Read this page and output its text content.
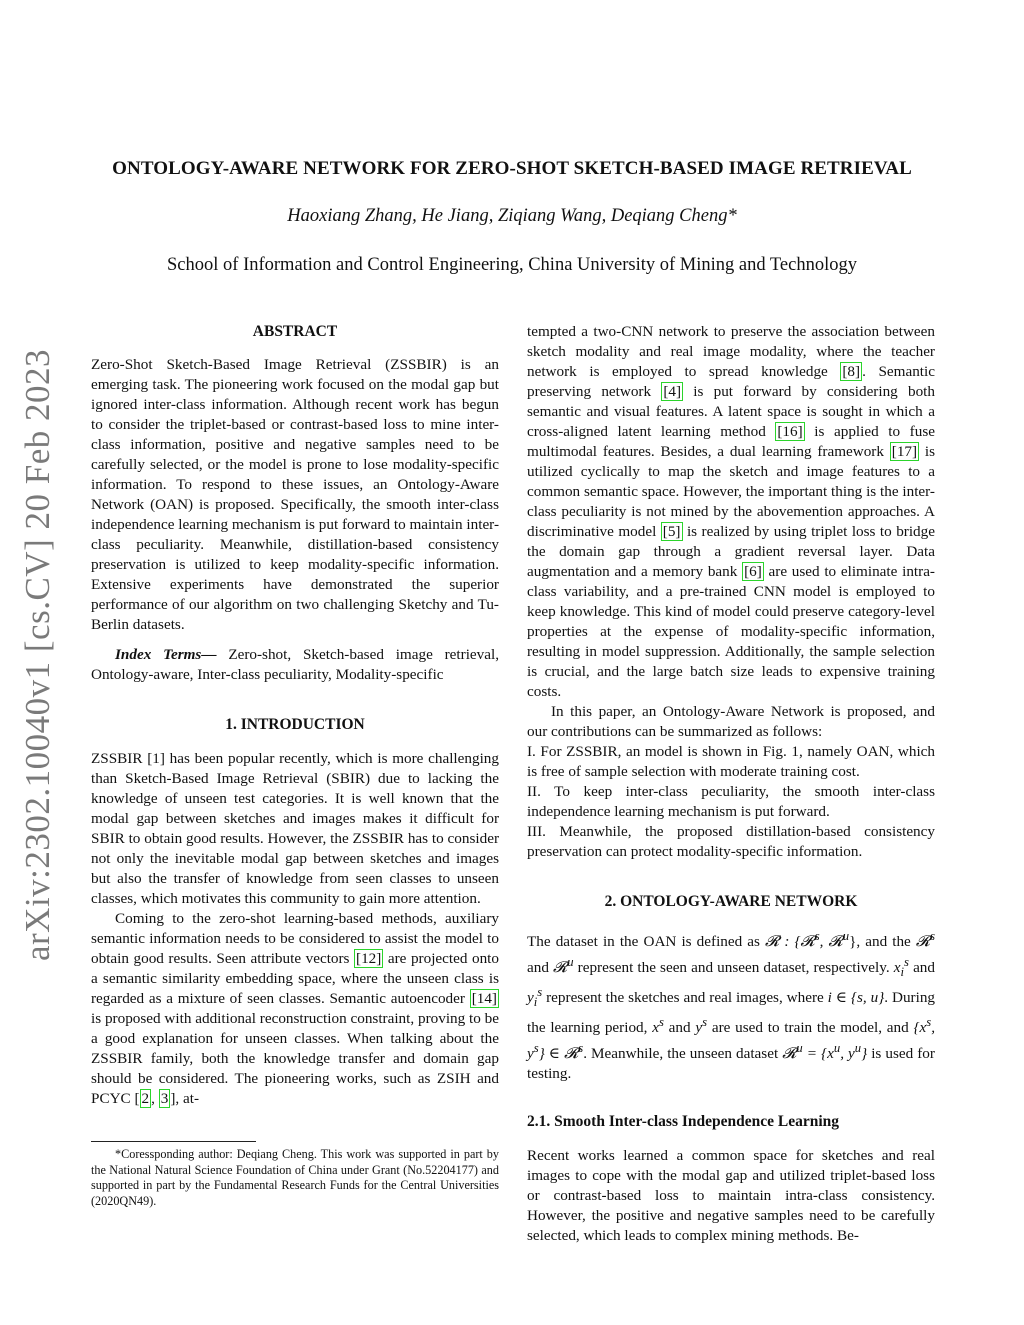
arXiv:2302.10040v1 [cs.CV] 20 Feb 2023
ONTOLOGY-AWARE NETWORK FOR ZERO-SHOT SKETCH-BASED IMAGE RETRIEVAL
Haoxiang Zhang, He Jiang, Ziqiang Wang, Deqiang Cheng*
School of Information and Control Engineering, China University of Mining and Technology

ABSTRACT

Zero-Shot Sketch-Based Image Retrieval (ZSSBIR) is an emerging task. The pioneering work focused on the modal gap but ignored inter-class information. Although recent work has begun to consider the triplet-based or contrast-based loss to mine inter-class information, positive and negative samples need to be carefully selected, or the model is prone to lose modality-specific information. To respond to these issues, an Ontology-Aware Network (OAN) is proposed. Specifically, the smooth inter-class independence learning mechanism is put forward to maintain inter-class peculiarity. Meanwhile, distillation-based consistency preservation is utilized to keep modality-specific information. Extensive experiments have demonstrated the superior performance of our algorithm on two challenging Sketchy and Tu-Berlin datasets.

Index Terms— Zero-shot, Sketch-based image retrieval, Ontology-aware, Inter-class peculiarity, Modality-specific

1. INTRODUCTION

ZSSBIR [1] has been popular recently, which is more challenging than Sketch-Based Image Retrieval (SBIR) due to lacking the knowledge of unseen test categories. It is well known that the modal gap between sketches and images makes it difficult for SBIR to obtain good results. However, the ZSSBIR has to consider not only the inevitable modal gap between sketches and images but also the transfer of knowledge from seen classes to unseen classes, which motivates this community to gain more attention.

Coming to the zero-shot learning-based methods, auxiliary semantic information needs to be considered to assist the model to obtain good results. Seen attribute vectors [12] are projected onto a semantic similarity embedding space, where the unseen class is regarded as a mixture of seen classes. Semantic autoencoder [14] is proposed with additional reconstruction constraint, proving to be a good explanation for unseen classes. When talking about the ZSSBIR family, both the knowledge transfer and domain gap should be considered. The pioneering works, such as ZSIH and PCYC [ 2 , 3 ], at-

*Coressponding author: Deqiang Cheng. This work was supported in part by the National Natural Science Foundation of China under Grant (No.52204177) and supported in part by the Fundamental Research Funds for the Central Universities (2020QN49).

tempted a two-CNN network to preserve the association between sketch modality and real image modality, where the teacher network is employed to spread knowledge [8] . Semantic preserving network [4] is put forward by considering both semantic and visual features. A latent space is sought in which a cross-aligned latent learning method [16] is applied to fuse multimodal features. Besides, a dual learning framework [17] is utilized cyclically to map the sketch and image features to a common semantic space. However, the important thing is the inter-class peculiarity is not mined by the abovemention approaches. A discriminative model [5] is realized by using triplet loss to bridge the domain gap through a gradient reversal layer. Data augmentation and a memory bank [6] are used to eliminate intra-class variability, and a pre-trained CNN model is employed to keep knowledge. This kind of model could preserve category-level properties at the expense of modality-specific information, resulting in model suppression. Additionally, the sample selection is crucial, and the large batch size leads to expensive training costs.

In this paper, an Ontology-Aware Network is proposed, and our contributions can be summarized as follows:

I. For ZSSBIR, an model is shown in Fig. 1, namely OAN, which is free of sample selection with moderate training cost.

II. To keep inter-class peculiarity, the smooth inter-class independence learning mechanism is put forward.

III. Meanwhile, the proposed distillation-based consistency preservation can protect modality-specific information.

2. ONTOLOGY-AWARE NETWORK

The dataset in the OAN is defined as 𝓡 : {𝓡$^s$, 𝓡$^u$}, and the 𝓡$^s$ and 𝓡$^u$ represent the seen and unseen dataset, respectively. $x_i^s$ and $y_i^s$ represent the sketches and real images, where i ∈ {s, u}. During the learning period, $x^s$ and $y^s$ are used to train the model, and {$x^s$, $y^s$} ∈ 𝓡$^s$. Meanwhile, the unseen dataset 𝓡$^u$ = {$x^u$, $y^u$} is used for testing.

2.1. Smooth Inter-class Independence Learning

Recent works learned a common space for sketches and real images to cope with the modal gap and utilized triplet-based loss or contrast-based loss to maintain intra-class consistency. However, the positive and negative samples need to be carefully selected, which leads to complex mining methods. Be-
